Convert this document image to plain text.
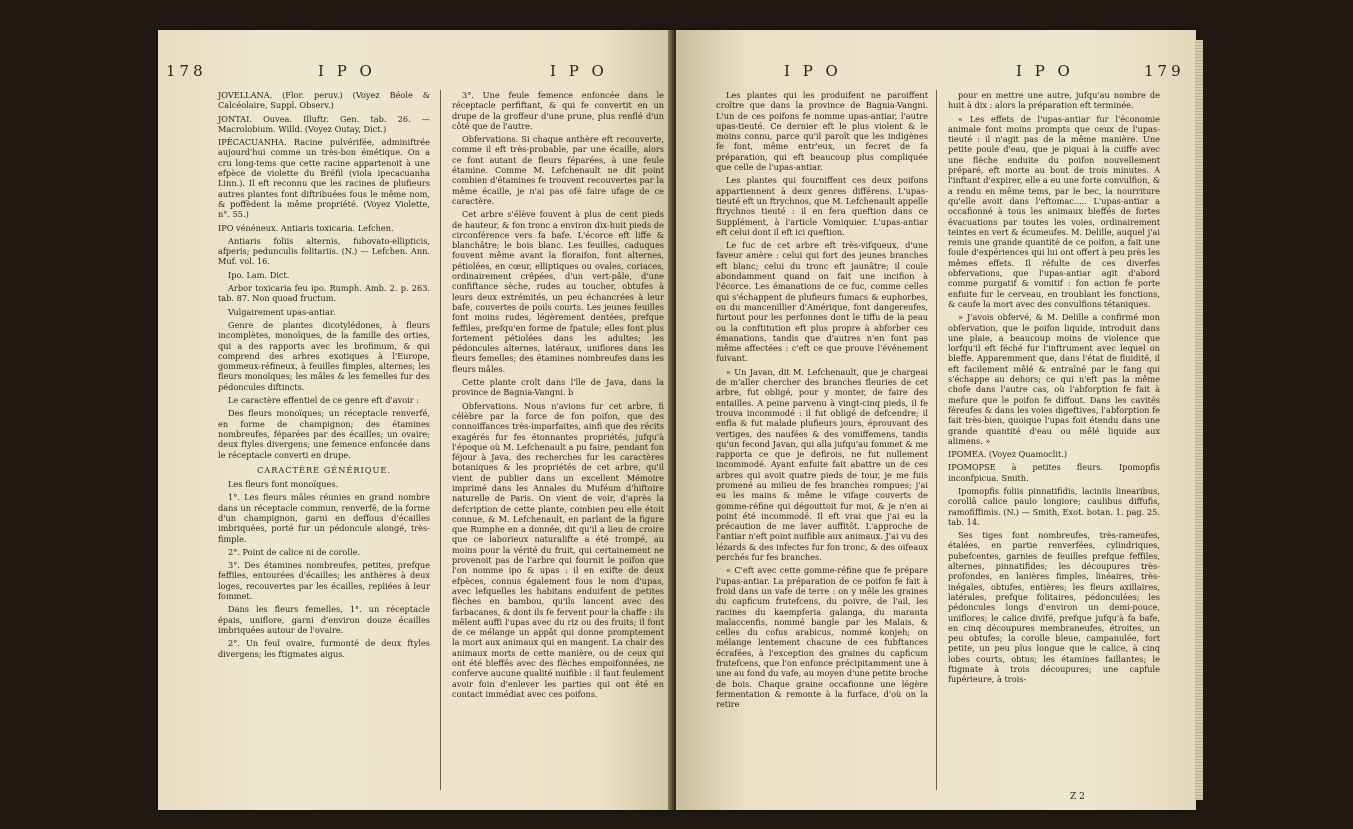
178	I P O	I P O

JOVELLANA. (Flor. peruv.) (Voyez Béole & Calcéolaire, Suppl. Observ.)

JONTAI. Ouvea. Illuftr. Gen. tab. 26. — Macrolobium. Willd. (Voyez Outay, Dict.)

IPÉCACUANHA. Racine pulvérifée, adminiftrée aujourd'hui comme un très-bon émétique. On a cru long-tems que cette racine appartenoit à une efpèce de violette du Bréfil (viola ipecacuanha Linn.). Il eft reconnu que les racines de plufieurs autres plantes font diftribuées fous le même nom, & poffèdent la même propriété. (Voyez Violette, n°. 55.)

IPO vénéneux. Antiaris toxicaria. Lefchen.

Antiaris foliis alternis, fubovato-ellipticis, afperis; pedunculis folitariis. (N.) — Lefchen. Ann. Muf. vol. 16.

Ipo. Lam. Dict.

Arbor toxicaria feu ipo. Rumph. Amb. 2. p. 263. tab. 87. Non quoad fructum.

Vulgairement upas-antiar.

Genre de plantes dicotylédones, à fleurs incomplètes, monoïques, de la famille des orties, qui a des rapports avec les brofimum, & qui comprend des arbres exotiques à l'Europe, gommeux-réfineux, à feuilles fimples, alternes; les fleurs monoïques; les mâles & les femelles fur des pédoncules diftincts.

Le caractère effentiel de ce genre eft d'avoir :

Des fleurs monoïques; un réceptacle renverfé, en forme de champignon; des étamines nombreufes, féparées par des écailles; un ovaire; deux ftyles divergens; une femence enfoncée dans le réceptacle converti en drupe.

CARACTÈRE GÉNÉRIQUE.

Les fleurs font monoïques.

1°. Les fleurs mâles réunies en grand nombre dans un réceptacle commun, renverfé, de la forme d'un champignon, garni en deffous d'écailles imbriquées, porté fur un pédoncule alongé, très-fimple.

2°. Point de calice ni de corolle.

3°. Des étamines nombreufes, petites, prefque feffiles, entourées d'écailles; les anthères à deux loges, recouvertes par les écailles, repliées à leur fommet.

Dans les fleurs femelles, 1°. un réceptacle épais, uniflore, garni d'environ douze écailles imbriquées autour de l'ovaire.

2°. Un feul ovaire, furmonté de deux ftyles divergens; les ftigmates aigus.

3°. Une feule femence enfoncée dans le réceptacle perfiftant, & qui fe convertit en un drupe de la groffeur d'une prune, plus renflé d'un côté que de l'autre.

Obfervations. Si chaque anthère eft recouverte, comme il eft très-probable, par une écaille, alors ce font autant de fleurs féparées, à une feule étamine. Comme M. Lefchenault ne dit point combien d'étamines fe trouvent recouvertes par la même écaille, je n'ai pas ofé faire ufage de ce caractère.

Cet arbre s'élève fouvent à plus de cent pieds de hauteur, & fon tronc a environ dix-huit pieds de circonférence vers fa bafe. L'écorce eft liffe & blanchâtre; le bois blanc. Les feuilles, caduques fouvent même avant la floraifon, font alternes, pétiolées, en cœur, elliptiques ou ovales, coriaces, ordinairement crêpées, d'un vert-pâle, d'une confiftance sèche, rudes au toucher, obtufes à leurs deux extrémités, un peu échancrées à leur bafe, couvertes de poils courts. Les jeunes feuilles font moins rudes, légèrement dentées, prefque feffiles, prefqu'en forme de fpatule; elles font plus fortement pétiolées dans les adultes; les pédoncules alternes, latéraux, uniflores dans les fleurs femelles; des étamines nombreufes dans les fleurs mâles.

Cette plante croît dans l'île de Java, dans la province de Bagnia-Vangni. b

Obfervations. Nous n'avions fur cet arbre, fi célèbre par la force de fon poifon, que des connoiffances très-imparfaites, ainfi que des récits exagérés fur fes étonnantes propriétés, jufqu'à l'époque où M. Lefchenault a pu faire, pendant fon féjour à Java, des recherches fur les caractères botaniques & les propriétés de cet arbre, qu'il vient de publier dans un excellent Mémoire imprimé dans les Annales du Muféum d'hiftoire naturelle de Paris. On vient de voir, d'après la defcription de cette plante, combien peu elle étoit connue, & M. Lefchenault, en parlant de la figure que Rumphe en a donnée, dit qu'il a lieu de croire que ce laborieux naturalifte a été trompé, au moins pour la vérité du fruit, qui certainement ne provenoit pas de l'arbre qui fournit le poifon que l'on nomme ipo & upas : il en exifte de deux efpèces, connus également fous le nom d'upas, avec lefquelles les habitans enduifent de petites flèches en bambou, qu'ils lancent avec des farbacanes, & dont ils fe fervent pour la chaffe : ils mêlent auffi l'upas avec du riz ou des fruits; il font de ce mélange un appât qui donne promptement la mort aux animaux qui en mangent. La chair des animaux morts de cette manière, ou de ceux qui ont été bleffés avec des flèches empoifonnées, ne conferve aucune qualité nuifible : il faut feulement avoir foin d'enlever les parties qui ont été en contact immédiat avec ces poifons.

I P O	I P O	179

Les plantes qui les produifent ne paroiffent croître que dans la province de Bagnia-Vangni. L'un de ces poifons fe nomme upas-antiar, l'autre upas-tieuté. Ce dernier eft le plus violent & le moins connu, parce qu'il paroît que les indigènes fe font, même entr'eux, un fecret de fa préparation, qui eft beaucoup plus compliquée que celle de l'upas-antiar.

Les plantes qui fourniffent ces deux poifons appartiennent à deux genres différens. L'upas-tieuté eft un ftrychnos, que M. Lefchenault appelle ftrychnos tieuté : il en fera queftion dans ce Supplément, à l'article Vomiquier. L'upas-antiar eft celui dont il eft ici queftion.

Le fuc de cet arbre eft très-vifqueux, d'une faveur amère : celui qui fort des jeunes branches eft blanc; celui du tronc eft jaunâtre; il coule abondamment quand on fait une incifion à l'écorce. Les émanations de ce fuc, comme celles qui s'échappent de plufieurs fumacs & euphorbes, ou du mancenillier d'Amérique, font dangereufes, furtout pour les perfonnes dont le tiffu de la peau ou la conftitution eft plus propre à abforber ces émanations, tandis que d'autres n'en font pas même affectées : c'eft ce que prouve l'événement fuivant.

« Un Javan, dit M. Lefchenault, que je chargeai de m'aller chercher des branches fleuries de cet arbre, fut obligé, pour y monter, de faire des entailles. A peine parvenu à vingt-cinq pieds, il fe trouva incommodé : il fut obligé de defcendre; il enfla & fut malade plufieurs jours, éprouvant des vertiges, des naufées & des vomiffemens, tandis qu'un fecond Javan, qui alla jufqu'au fommet & me rapporta ce que je defirois, ne fut nullement incommodé. Ayant enfuite fait abattre un de ces arbres qui avoit quatre pieds de tour, je me fuis promené au milieu de fes branches rompues; j'ai eu les mains & même le vifage couverts de gomme-réfine qui dégouttoit fur moi, & je n'en ai point été incommodé. Il eft vrai que j'ai eu la précaution de me laver auffitôt. L'approche de l'antiar n'eft point nuifible aux animaux. J'ai vu des lézards & des infectes fur fon tronc, & des oifeaux perchés fur fes branches.

« C'eft avec cette gomme-réfine que fe prépare l'upas-antiar. La préparation de ce poifon fe fait à froid dans un vafe de terre : on y mêle les graines du capficum frutefcens, du poivre, de l'ail, les racines du kaempferia galanga, du maranta malaccenfis, nommé bangle par les Malais, & celles du cofus arabicus, nommé konjeh; on mélange lentement chacune de ces fubftances écrafées, à l'exception des graines du capficum frutefcens, que l'on enfonce précipitamment une à une au fond du vafe, au moyen d'une petite broche de bois. Chaque graine occafionne une légère fermentation & remonte à la furface, d'où on la retire

pour en mettre une autre, jufqu'au nombre de huit à dix : alors la préparation eft terminée.

« Les effets de l'upas-antiar fur l'économie animale font moins prompts que ceux de l'upas-tieuté : il n'agit pas de la même manière. Une petite poule d'eau, que je piquai à la cuiffe avec une flèche enduite du poifon nouvellement préparé, eft morte au bout de trois minutes. A l'inftant d'expirer, elle a eu une forte convulfion, & a rendu en même tems, par le bec, la nourriture qu'elle avoit dans l'eftomac..... L'upas-antiar a occafionné à tous les animaux bleffés de fortes évacuations par toutes les voies, ordinairement teintes en vert & écumeufes. M. Delille, auquel j'ai remis une grande quantité de ce poifon, a fait une foule d'expériences qui lui ont offert à peu près les mêmes effets. Il réfulte de ces diverfes obfervations, que l'upas-antiar agit d'abord comme purgatif & vomitif : fon action fe porte enfuite fur le cerveau, en troublant les fonctions, & caufe la mort avec des convulfions tétaniques.

» J'avois obfervé, & M. Delille a confirmé mon obfervation, que le poifon liquide, introduit dans une plaie, a beaucoup moins de violence que lorfqu'il eft féché fur l'inftrument avec lequel on bleffe. Apparemment que, dans l'état de fluidité, il eft facilement mêlé & entraîné par le fang qui s'échappe au dehors; ce qui n'eft pas la même chofe dans l'autre cas, où l'abforption fe fait à mefure que le poifon fe diffout. Dans les cavités féreufes & dans les voies digeftives, l'abforption fe fait très-bien, quoique l'upas foit étendu dans une grande quantité d'eau ou mêlé liquide aux alimens. »

IPOMEA. (Voyez Quamoclit.)

IPOMOPSE à petites fleurs. Ipomopfis inconfpicua. Smith.

Ipomopfis foliis pinnatifidis, laciniis linearibus, corollâ calice paulo longiore; caulibus diffufis, ramofiffimis. (N.) — Smith, Exot. botan. 1. pag. 25. tab. 14.

Ses tiges font nombreufes, très-rameufes, étalées, en partie renverfées, cylindriques, pubefcentes, garnies de feuilles prefque feffiles, alternes, pinnatifides; les découpures très-profondes, en lanières fimples, linéaires, très-inégales, obtufes, entières; les fleurs axillaires, latérales, prefque folitaires, pédonculées; les pédoncules longs d'environ un demi-pouce, uniflores; le calice divifé, prefque jufqu'à fa bafe, en cinq découpures membraneufes, étroites, un peu obtufes; la corolle bleue, campanulée, fort petite, un peu plus longue que le calice, à cinq lobes courts, obtus; les étamines faillantes; le ftigmate à trois découpures; une capfule fupérieure, à trois-

Z 2
